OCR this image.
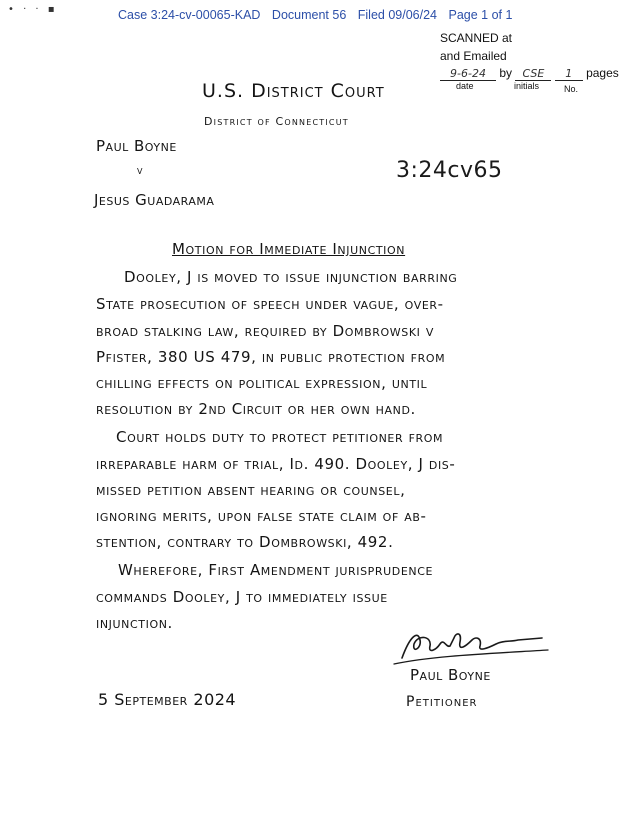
• · · ▪	Case 3:24-cv-00065-KAD Document 56 Filed 09/06/24 Page 1 of 1
SCANNED at
and Emailed
9-6-24 by CSE 1 pages
date	initials	No.
U.S. District Court
District of Connecticut
Paul Boyne
v	3:24cv65
Jesus Guadarama
Motion for Immediate Injunction
Dooley, J is moved to issue injunction barring
State prosecution of speech under vague, over-
broad stalking law, required by Dombrowski v
Pfister, 380 US 479, in public protection from
chilling effects on political expression, until
resolution by 2nd Circuit or her own hand.
Court holds duty to protect petitioner from
irreparable harm of trial, Id. 490. Dooley, J dis-
missed petition absent hearing or counsel,
ignoring merits, upon false state claim of ab-
stention, contrary to Dombrowski, 492.
Wherefore, First Amendment jurisprudence
commands Dooley, J to immediately issue
injunction.
5 September 2024
Paul Boyne
Petitioner
